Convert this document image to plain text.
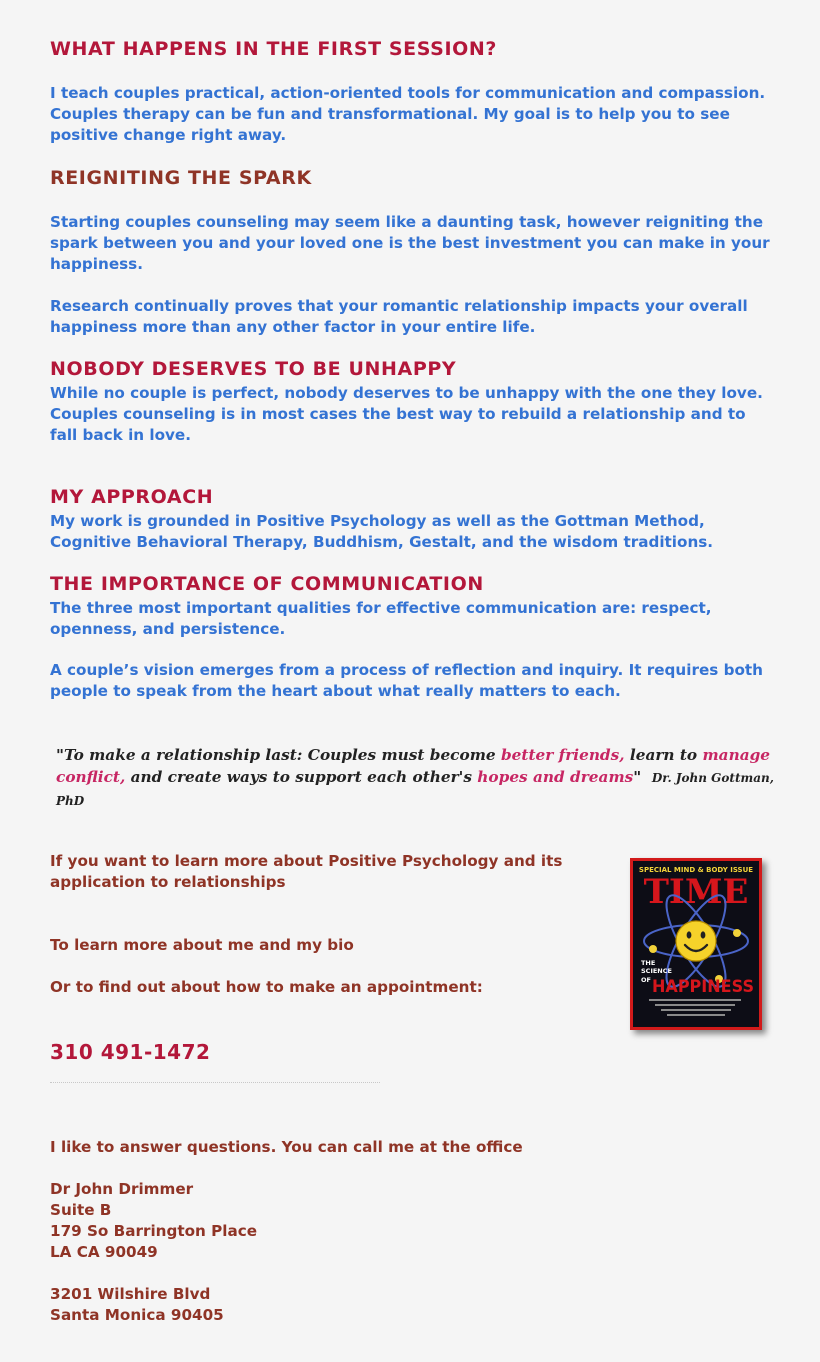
WHAT HAPPENS IN THE FIRST SESSION?

I teach couples practical, action-oriented tools for communication and compassion. Couples therapy can be fun and transformational. My goal is to help you to see positive change right away.

REIGNITING THE SPARK

Starting couples counseling may seem like a daunting task, however reigniting the spark between you and your loved one is the best investment you can make in your happiness.

Research continually proves that your romantic relationship impacts your overall happiness more than any other factor in your entire life.

NOBODY DESERVES TO BE UNHAPPY

While no couple is perfect, nobody deserves to be unhappy with the one they love. Couples counseling is in most cases the best way to rebuild a relationship and to fall back in love.

MY APPROACH

My work is grounded in Positive Psychology as well as the Gottman Method, Cognitive Behavioral Therapy, Buddhism, Gestalt, and the wisdom traditions.

THE IMPORTANCE OF COMMUNICATION

The three most important qualities for effective communication are: respect, openness, and persistence.

A couple’s vision emerges from a process of reflection and inquiry. It requires both people to speak from the heart about what really matters to each.

"To make a relationship last: Couples must become better friends, learn to manage conflict, and create ways to support each other's hopes and dreams" Dr. John Gottman, PhD

If you want to learn more about Positive Psychology and its application to relationships

To learn more about me and my bio

Or to find out about how to make an appointment:

SPECIAL MIND & BODY ISSUE
TIME
THE
SCIENCE
OF HAPPINESS
310 491-1472

I like to answer questions. You can call me at the office

Dr John Drimmer
Suite B
179 So Barrington Place
LA CA 90049
3201 Wilshire Blvd
Santa Monica 90405
